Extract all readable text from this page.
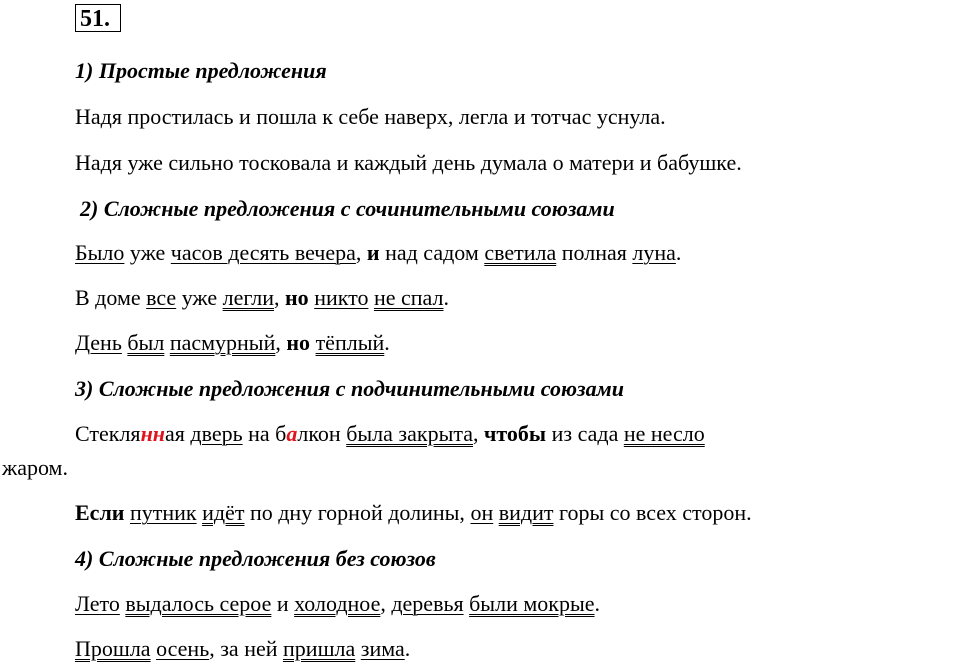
51.
1) Простые предложения
Надя простилась и пошла к себе наверх, легла и тотчас уснула.
Надя уже сильно тосковала и каждый день думала о матери и бабушке.
2) Сложные предложения с сочинительными союзами
Было уже часов десять вечера, и над садом светила полная луна.
В доме все уже легли, но никто не спал.
День был пасмурный, но тёплый.
3) Сложные предложения с подчинительными союзами
Стеклянная дверь на балкон была закрыта, чтобы из сада не несло
жаром.
Если путник идёт по дну горной долины, он видит горы со всех сторон.
4) Сложные предложения без союзов
Лето выдалось серое и холодное, деревья были мокрые.
Прошла осень, за ней пришла зима.
